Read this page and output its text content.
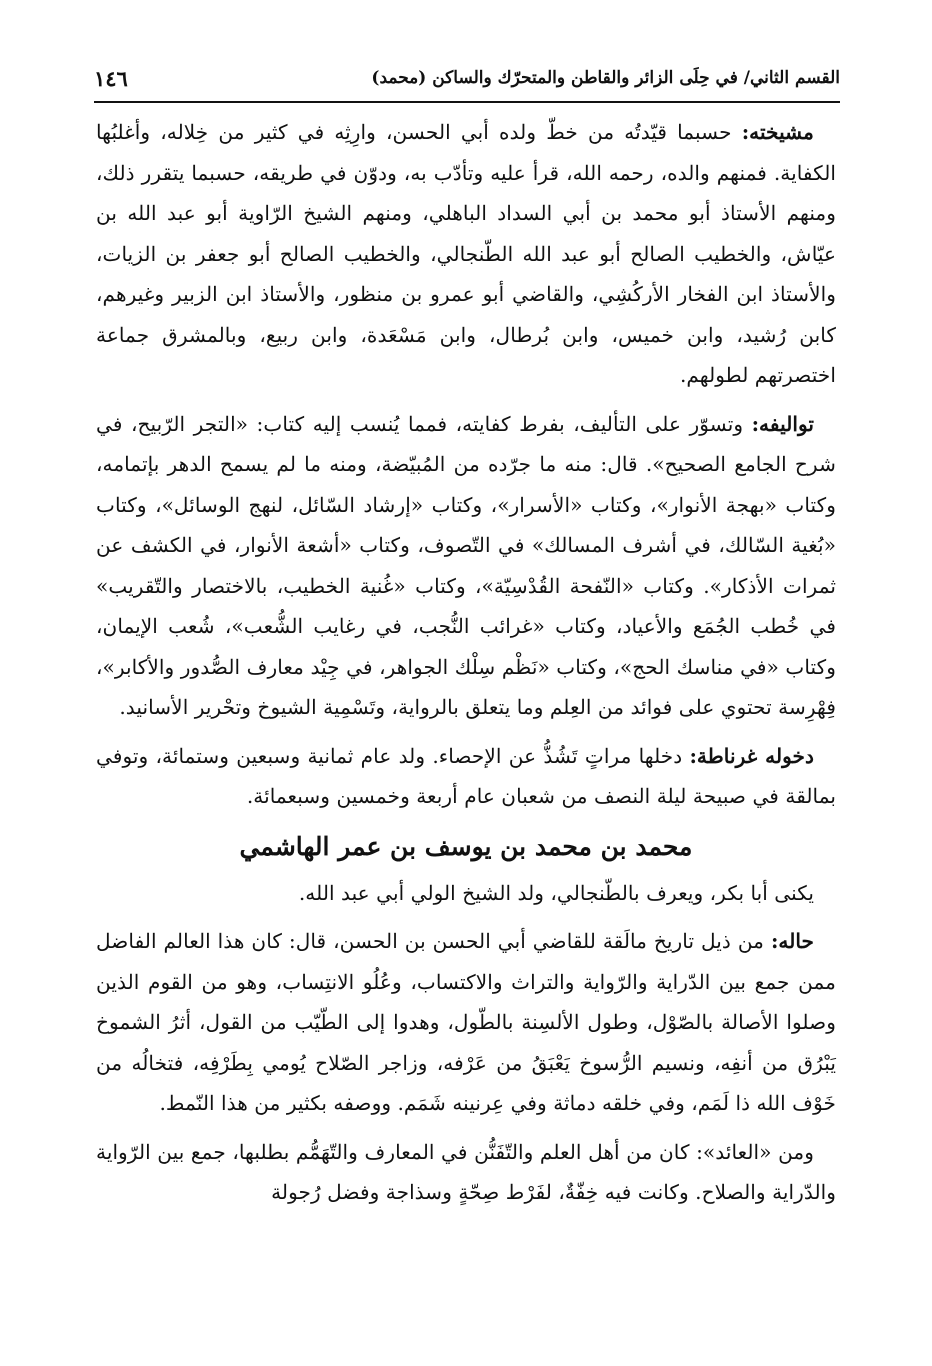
القسم الثاني/ في حِلَى الزائر والقاطن والمتحرّك والساكن (محمد)
١٤٦

مشيخته: حسبما قيّدتُه من خطّ ولده أبي الحسن، وارِثِه في كثير من خِلاله، وأغلبُها الكفاية. فمنهم والده، رحمه الله، قرأ عليه وتأدّب به، ودوّن في طريقه، حسبما يتقرر ذلك، ومنهم الأستاذ أبو محمد بن أبي السداد الباهلي، ومنهم الشيخ الرّاوية أبو عبد الله بن عيّاش، والخطيب الصالح أبو عبد الله الطّنجالي، والخطيب الصالح أبو جعفر بن الزيات، والأستاذ ابن الفخار الأركُشِي، والقاضي أبو عمرو بن منظور، والأستاذ ابن الزبير وغيرهم، كابن رُشيد، وابن خميس، وابن بُرطال، وابن مَسْعَدة، وابن ربيع، وبالمشرق جماعة اختصرتهم لطولهم.

تواليفه: وتسوّر على التأليف، بفرط كفايته، فمما يُنسب إليه كتاب: «التجر الرّبيح، في شرح الجامع الصحيح». قال: منه ما جرّده من المُبيّضة، ومنه ما لم يسمح الدهر بإتمامه، وكتاب «بهجة الأنوار»، وكتاب «الأسرار»، وكتاب «إرشاد السّائل، لنهج الوسائل»، وكتاب «بُغية السّالك، في أشرف المسالك» في التّصوف، وكتاب «أشعة الأنوار، في الكشف عن ثمرات الأذكار». وكتاب «النّفحة القُدْسِيّة»، وكتاب «غُنية الخطيب، بالاختصار والتّقريب» في خُطب الجُمَع والأعياد، وكتاب «غرائب النُّجب، في رغايب الشُّعب»، شُعب الإيمان، وكتاب «في مناسك الحج»، وكتاب «نَظْم سِلْك الجواهر، في جِيْد معارف الصُّدور والأكابر»، فِهْرِسة تحتوي على فوائد من العِلم وما يتعلق بالرواية، وتَسْمِية الشيوخ وتحْرير الأسانيد.

دخوله غرناطة: دخلها مراتٍ تَشُذُّ عن الإحصاء. ولد عام ثمانية وسبعين وستمائة، وتوفي بمالقة في صبيحة ليلة النصف من شعبان عام أربعة وخمسين وسبعمائة.

محمد بن محمد بن يوسف بن عمر الهاشمي

يكنى أبا بكر، ويعرف بالطّنجالي، ولد الشيخ الولي أبي عبد الله.

حاله: من ذيل تاريخ مالَقة للقاضي أبي الحسن بن الحسن، قال: كان هذا العالم الفاضل ممن جمع بين الدّراية والرّواية والتراث والاكتساب، وعُلُو الانتِساب، وهو من القوم الذين وصلوا الأصالة بالصّوْل، وطول الألسِنة بالطّول، وهدوا إلى الطّيّب من القول، أثرُ الشموخ يَبْرُق من أنفِه، ونسيم الرُّسوخ يَعْبَقُ من عَرْفه، وزاجر الصّلاح يُومي بِطَرْفِه، فتخالُه من خَوْف الله ذا لَمَم، وفي خلقه دماثة وفي عِرنينه شَمَم. ووصفه بكثير من هذا النّمط.

ومن «العائد»: كان من أهل العلم والتّفَنُّن في المعارف والتّهَمُّم بطلبها، جمع بين الرّواية والدّراية والصلاح. وكانت فيه خِفّةٌ، لفَرْط صِحّةٍ وسذاجة وفضل رُجولة
